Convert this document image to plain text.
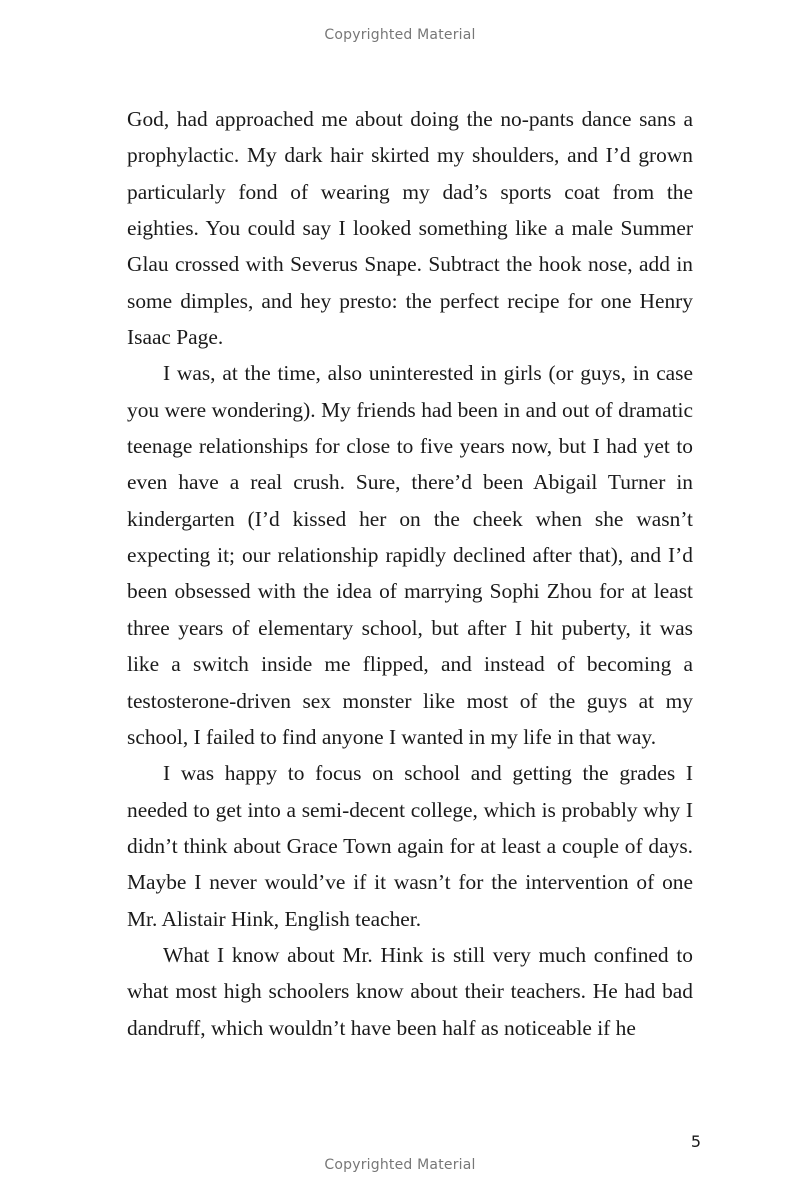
Copyrighted Material

God, had approached me about doing the no-pants dance sans a prophylactic. My dark hair skirted my shoulders, and I’d grown particularly fond of wearing my dad’s sports coat from the eighties. You could say I looked something like a male Summer Glau crossed with Severus Snape. Subtract the hook nose, add in some dimples, and hey presto: the perfect recipe for one Henry Isaac Page.

I was, at the time, also uninterested in girls (or guys, in case you were wondering). My friends had been in and out of dramatic teenage relationships for close to five years now, but I had yet to even have a real crush. Sure, there’d been Abigail Turner in kindergarten (I’d kissed her on the cheek when she wasn’t expecting it; our relationship rapidly declined after that), and I’d been obsessed with the idea of marrying Sophi Zhou for at least three years of elementary school, but after I hit puberty, it was like a switch inside me flipped, and instead of becoming a testosterone-driven sex monster like most of the guys at my school, I failed to find anyone I wanted in my life in that way.

I was happy to focus on school and getting the grades I needed to get into a semi-decent college, which is probably why I didn’t think about Grace Town again for at least a couple of days. Maybe I never would’ve if it wasn’t for the intervention of one Mr. Alistair Hink, English teacher.

What I know about Mr. Hink is still very much confined to what most high schoolers know about their teachers. He had bad dandruff, which wouldn’t have been half as noticeable if he

5
Copyrighted Material
